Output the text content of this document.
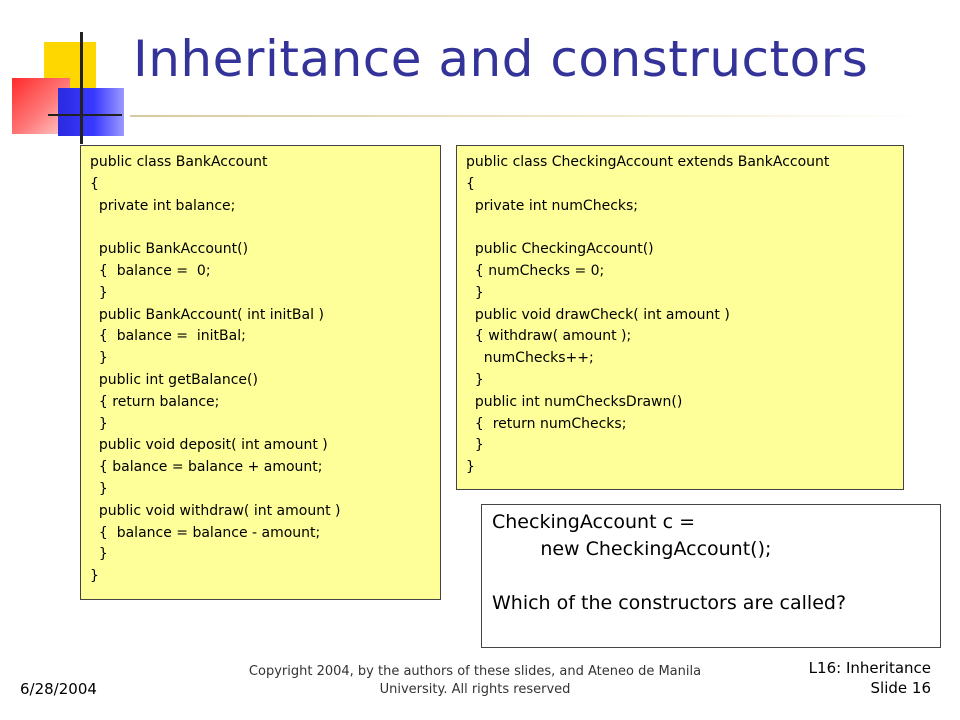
Inheritance and constructors
public class BankAccount
{
private int balance;
public BankAccount()
{  balance =  0;
}
public BankAccount( int initBal )
{  balance =  initBal;
}
public int getBalance()
{ return balance;
}
public void deposit( int amount )
{ balance = balance + amount;
}
public void withdraw( int amount )
{  balance = balance - amount;
}
}
public class CheckingAccount extends BankAccount
{
private int numChecks;
public CheckingAccount()
{ numChecks = 0;
}
public void drawCheck( int amount )
{ withdraw( amount );
numChecks++;
}
public int numChecksDrawn()
{  return numChecks;
}
}
CheckingAccount c =
new CheckingAccount();
Which of the constructors are called?
6/28/2004
Copyright 2004, by the authors of these slides, and Ateneo de Manila University. All rights reserved
L16: Inheritance
Slide 16
